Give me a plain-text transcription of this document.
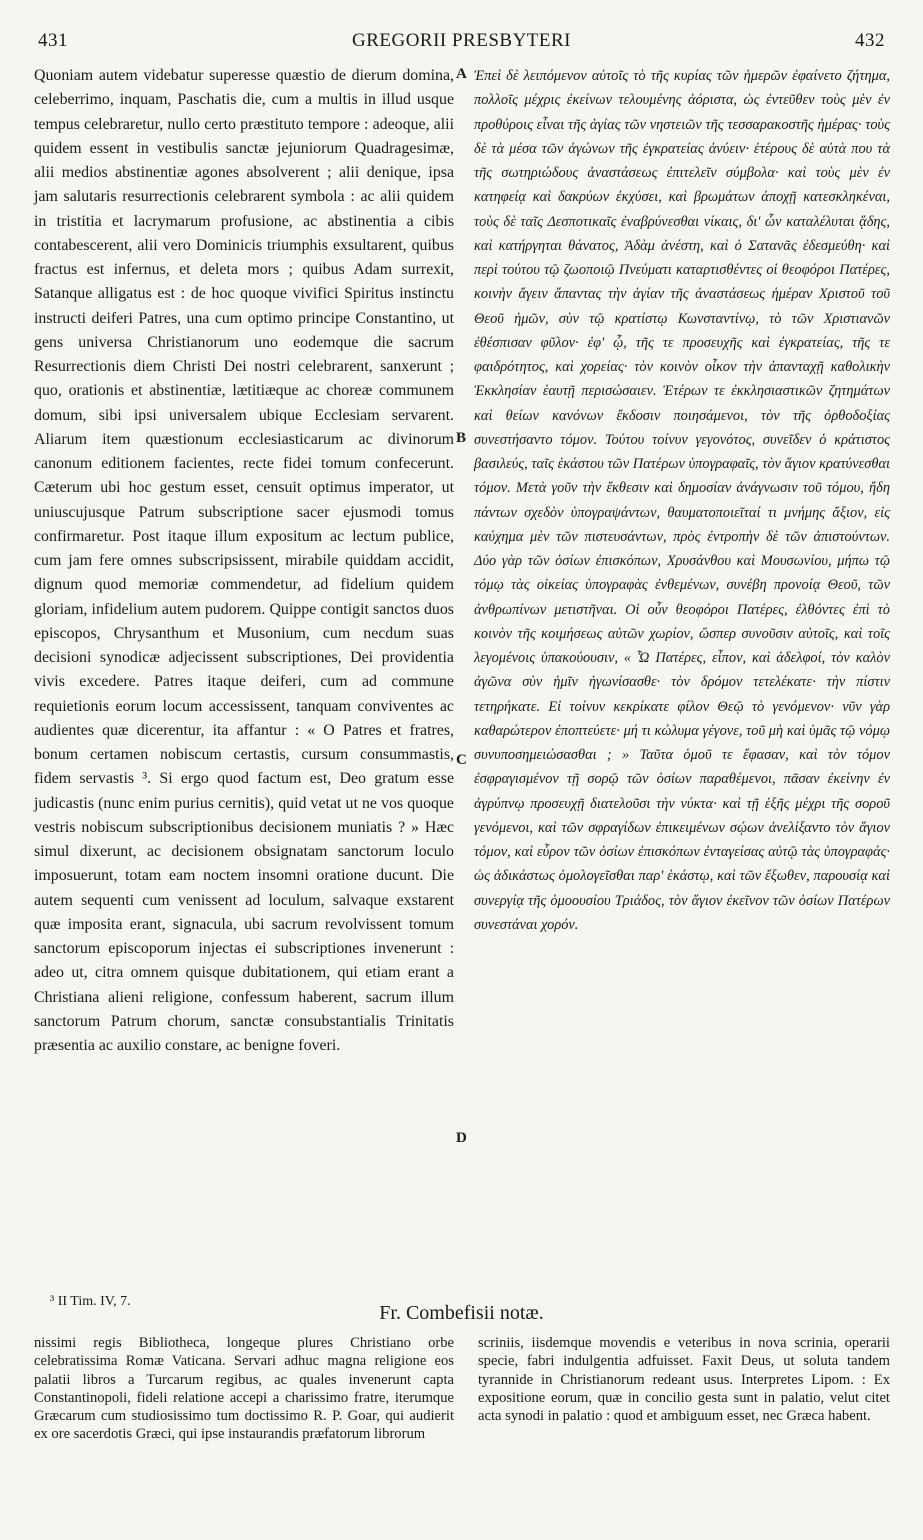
431	GREGORII PRESBYTERI	432

Quoniam autem videbatur superesse quæstio de dierum domina, celeberrimo, inquam, Paschatis die, cum a multis in illud usque tempus celebraretur, nullo certo præstituto tempore : adeoque, alii quidem essent in vestibulis sanctæ jejuniorum Quadragesimæ, alii medios abstinentiæ agones absolverent ; alii denique, ipsa jam salutaris resurrectionis celebrarent symbola : ac alii quidem in tristitia et lacrymarum profusione, ac abstinentia a cibis contabescerent, alii vero Dominicis triumphis exsultarent, quibus fractus est infernus, et deleta mors ; quibus Adam surrexit, Satanque alligatus est : de hoc quoque vivifici Spiritus instinctu instructi deiferi Patres, una cum optimo principe Constantino, ut gens universa Christianorum uno eodemque die sacrum Resurrectionis diem Christi Dei nostri celebrarent, sanxerunt ; quo, orationis et abstinentiæ, lætitiæque ac choreæ communem domum, sibi ipsi universalem ubique Ecclesiam servarent. Aliarum item quæstionum ecclesiasticarum ac divinorum canonum editionem facientes, recte fidei tomum confecerunt. Cæterum ubi hoc gestum esset, censuit optimus imperator, ut uniuscujusque Patrum subscriptione sacer ejusmodi tomus confirmaretur. Post itaque illum expositum ac lectum publice, cum jam fere omnes subscripsissent, mirabile quiddam accidit, dignum quod memoriæ commendetur, ad fidelium quidem gloriam, infidelium autem pudorem. Quippe contigit sanctos duos episcopos, Chrysanthum et Musonium, cum necdum suas decisioni synodicæ adjecissent subscriptiones, Dei providentia vivis excedere. Patres itaque deiferi, cum ad commune requietionis eorum locum accessissent, tanquam conviventes ac audientes quæ dicerentur, ita affantur : « O Patres et fratres, bonum certamen nobiscum certastis, cursum consummastis, fidem servastis ³. Si ergo quod factum est, Deo gratum esse judicastis (nunc enim purius cernitis), quid vetat ut ne vos quoque vestris nobiscum subscriptionibus decisionem muniatis ? » Hæc simul dixerunt, ac decisionem obsignatam sanctorum loculo imposuerunt, totam eam noctem insomni oratione ducunt. Die autem sequenti cum venissent ad loculum, salvaque exstarent quæ imposita erant, signacula, ubi sacrum revolvissent tomum sanctorum episcoporum injectas ei subscriptiones invenerunt : adeo ut, citra omnem quisque dubitationem, qui etiam erant a Christiana alieni religione, confessum haberent, sacrum illum sanctorum Patrum chorum, sanctæ consubstantialis Trinitatis præsentia ac auxilio constare, ac benigne foveri.

A
B
C
D

Ἐπεὶ δὲ λειπόμενον αὐτοῖς τὸ τῆς κυρίας τῶν ἡμερῶν ἐφαίνετο ζήτημα, πολλοῖς μέχρις ἐκείνων τελουμένης ἀόριστα, ὡς ἐντεῦθεν τοὺς μὲν ἐν προθύροις εἶναι τῆς ἁγίας τῶν νηστειῶν τῆς τεσσαρακοστῆς ἡμέρας· τοὺς δὲ τὰ μέσα τῶν ἀγώνων τῆς ἐγκρατείας ἀνύειν· ἑτέρους δὲ αὐτὰ που τὰ τῆς σωτηριώδους ἀναστάσεως ἐπιτελεῖν σύμβολα· καὶ τοὺς μὲν ἐν κατηφείᾳ καὶ δακρύων ἐκχύσει, καὶ βρωμάτων ἀποχῇ κατεσκληκέναι, τοὺς δὲ ταῖς Δεσποτικαῖς ἐναβρύνεσθαι νίκαις, δι' ὧν καταλέλυται ᾅδης, καὶ κατήργηται θάνατος, Ἀδὰμ ἀνέστη, καὶ ὁ Σατανᾶς ἐδεσμεύθη· καὶ περὶ τούτου τῷ ζωοποιῷ Πνεύματι καταρτισθέντες οἱ θεοφόροι Πατέρες, κοινὴν ἄγειν ἅπαντας τὴν ἁγίαν τῆς ἀναστάσεως ἡμέραν Χριστοῦ τοῦ Θεοῦ ἡμῶν, σὺν τῷ κρατίστῳ Κωνσταντίνῳ, τὸ τῶν Χριστιανῶν ἐθέσπισαν φῦλον· ἐφ' ᾧ, τῆς τε προσευχῆς καὶ ἐγκρατείας, τῆς τε φαιδρότητος, καὶ χορείας· τὸν κοινὸν οἶκον τὴν ἁπανταχῇ καθολικὴν Ἐκκλησίαν ἑαυτῇ περισώσαιεν. Ἑτέρων τε ἐκκλησιαστικῶν ζητημάτων καὶ θείων κανόνων ἔκδοσιν ποιησάμενοι, τὸν τῆς ὀρθοδοξίας συνεστήσαντο τόμον. Τούτου τοίνυν γεγονότος, συνεῖδεν ὁ κράτιστος βασιλεύς, ταῖς ἑκάστου τῶν Πατέρων ὑπογραφαῖς, τὸν ἅγιον κρατύνεσθαι τόμον. Μετὰ γοῦν τὴν ἔκθεσιν καὶ δημοσίαν ἀνάγνωσιν τοῦ τόμου, ἤδη πάντων σχεδὸν ὑπογραψάντων, θαυματοποιεῖταί τι μνήμης ἄξιον, εἰς καύχημα μὲν τῶν πιστευσάντων, πρὸς ἐντροπὴν δὲ τῶν ἀπιστούντων. Δύο γὰρ τῶν ὁσίων ἐπισκόπων, Χρυσάνθου καὶ Μουσωνίου, μήπω τῷ τόμῳ τὰς οἰκείας ὑπογραφὰς ἐνθεμένων, συνέβη προνοίᾳ Θεοῦ, τῶν ἀνθρωπίνων μετιστῆναι. Οἱ οὖν θεοφόροι Πατέρες, ἐλθόντες ἐπὶ τὸ κοινὸν τῆς κοιμήσεως αὐτῶν χωρίον, ὥσπερ συνοῦσιν αὐτοῖς, καὶ τοῖς λεγομένοις ὑπακούουσιν, « Ὦ Πατέρες, εἶπον, καὶ ἀδελφοί, τὸν καλὸν ἀγῶνα σὺν ἡμῖν ἠγωνίσασθε· τὸν δρόμον τετελέκατε· τὴν πίστιν τετηρήκατε. Εἰ τοίνυν κεκρίκατε φίλον Θεῷ τὸ γενόμενον· νῦν γὰρ καθαρώτερον ἐποπτεύετε· μή τι κώλυμα γέγονε, τοῦ μὴ καὶ ὑμᾶς τῷ νόμῳ συνυποσημειώσασθαι ; » Ταῦτα ὁμοῦ τε ἔφασαν, καὶ τὸν τόμον ἐσφραγισμένον τῇ σορῷ τῶν ὁσίων παραθέμενοι, πᾶσαν ἐκείνην ἐν ἀγρύπνῳ προσευχῇ διατελοῦσι τὴν νύκτα· καὶ τῇ ἑξῆς μέχρι τῆς σοροῦ γενόμενοι, καὶ τῶν σφραγίδων ἐπικειμένων σῴων ἀνελίξαντο τὸν ἅγιον τόμον, καὶ εὗρον τῶν ὁσίων ἐπισκόπων ἐνταγείσας αὐτῷ τὰς ὑπογραφάς· ὡς ἀδικάστως ὁμολογεῖσθαι παρ' ἑκάστῳ, καὶ τῶν ἔξωθεν, παρουσίᾳ καὶ συνεργίᾳ τῆς ὁμοουσίου Τριάδος, τὸν ἅγιον ἐκεῖνον τῶν ὁσίων Πατέρων συνεστάναι χορόν.

³ II Tim. IV, 7.
Fr. Combefisii notæ.

nissimi regis Bibliotheca, longeque plures Christiano orbe celebratissima Romæ Vaticana. Servari adhuc magna religione eos palatii libros a Turcarum regibus, ac quales invenerunt capta Constantinopoli, fideli relatione accepi a charissimo fratre, iterumque Græcarum cum studiosissimo tum doctissimo R. P. Goar, qui audierit ex ore sacerdotis Græci, qui ipse instaurandis præfatorum librorum

scriniis, iisdemque movendis e veteribus in nova scrinia, operarii specie, fabri indulgentia adfuisset. Faxit Deus, ut soluta tandem tyrannide in Christianorum redeant usus. Interpretes Lipom. : Ex expositione eorum, quæ in concilio gesta sunt in palatio, velut citet acta synodi in palatio : quod et ambiguum esset, nec Græca habent.
